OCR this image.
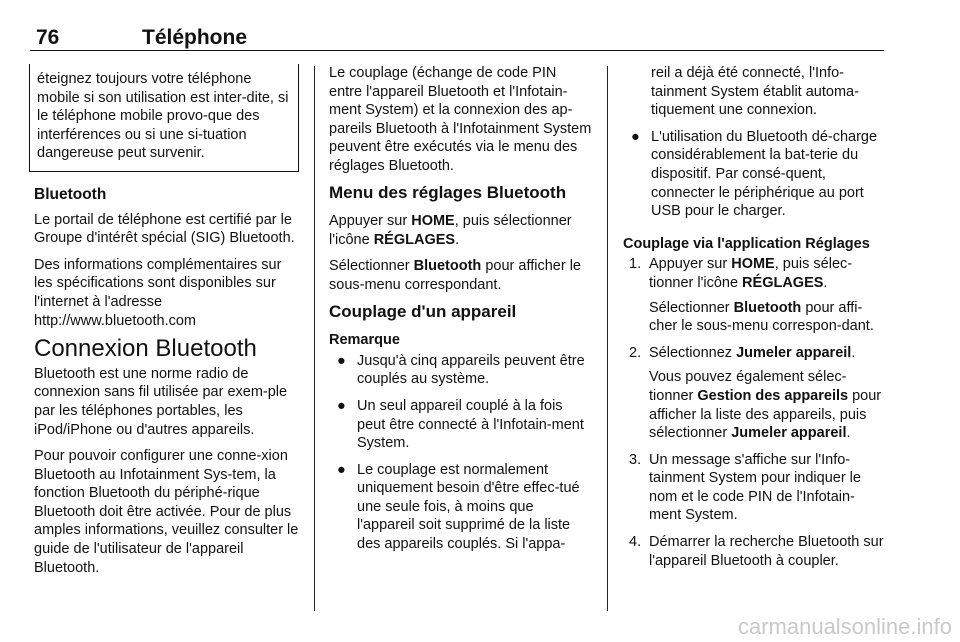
76	Téléphone
éteignez toujours votre téléphone mobile si son utilisation est inter-dite, si le téléphone mobile provo-que des interférences ou si une si-tuation dangereuse peut survenir.
Bluetooth

Le portail de téléphone est certifié par le Groupe d'intérêt spécial (SIG) Bluetooth.

Des informations complémentaires sur les spécifications sont disponibles sur l'internet à l'adresse
http://www.bluetooth.com

Connexion Bluetooth

Bluetooth est une norme radio de connexion sans fil utilisée par exem-ple par les téléphones portables, les iPod/iPhone ou d'autres appareils.

Pour pouvoir configurer une conne-xion Bluetooth au Infotainment Sys-tem, la fonction Bluetooth du périphé-rique Bluetooth doit être activée. Pour de plus amples informations, veuillez consulter le guide de l'utilisateur de l'appareil Bluetooth.

Le couplage (échange de code PIN entre l'appareil Bluetooth et l'Infotain-ment System) et la connexion des ap-pareils Bluetooth à l'Infotainment System peuvent être exécutés via le menu des réglages Bluetooth.

Menu des réglages Bluetooth

Appuyer sur HOME, puis sélectionner l'icône RÉGLAGES.

Sélectionner Bluetooth pour afficher le sous-menu correspondant.

Couplage d'un appareil
Remarque
● Jusqu'à cinq appareils peuvent être couplés au système.
● Un seul appareil couplé à la fois peut être connecté à l'Infotain-ment System.
● Le couplage est normalement uniquement besoin d'être effec-tué une seule fois, à moins que l'appareil soit supprimé de la liste des appareils couplés. Si l'appa-
reil a déjà été connecté, l'Info-tainment System établit automa-tiquement une connexion.
● L'utilisation du Bluetooth dé-charge considérablement la bat-terie du dispositif. Par consé-quent, connecter le périphérique au port USB pour le charger.
Couplage via l'application Réglages
1. Appuyer sur HOME, puis sélec-tionner l'icône RÉGLAGES.
Sélectionner Bluetooth pour affi-cher le sous-menu correspon-dant.
2. Sélectionnez Jumeler appareil.
Vous pouvez également sélec-tionner Gestion des appareils pour afficher la liste des appareils, puis sélectionner Jumeler appareil.
3. Un message s'affiche sur l'Info-tainment System pour indiquer le nom et le code PIN de l'Infotain-ment System.
4. Démarrer la recherche Bluetooth sur l'appareil Bluetooth à coupler.
carmanualsonline.info
